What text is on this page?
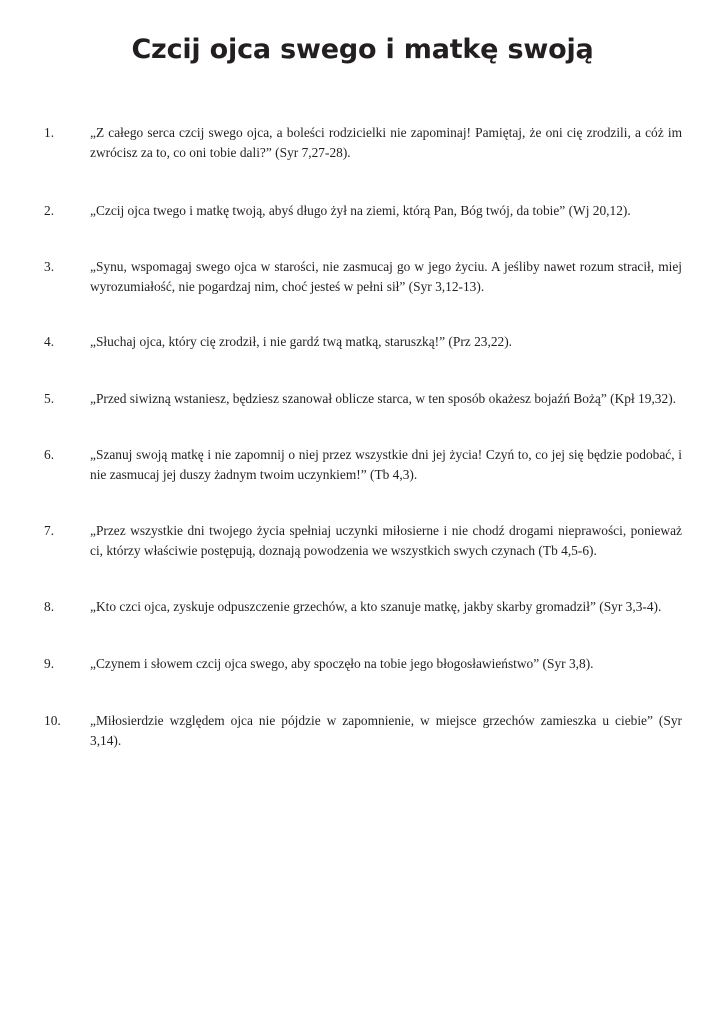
Czcij ojca swego i matkę swoją
1.	„Z całego serca czcij swego ojca, a boleści rodzicielki nie zapominaj! Pamiętaj, że oni cię zrodzili, a cóż im zwrócisz za to, co oni tobie dali?” (Syr 7,27-28).
2.	„Czcij ojca twego i matkę twoją, abyś długo żył na ziemi, którą Pan, Bóg twój, da tobie” (Wj 20,12).
3.	„Synu, wspomagaj swego ojca w starości, nie zasmucaj go w jego życiu. A jeśliby nawet rozum stracił, miej wyrozumiałość, nie pogardzaj nim, choć jesteś w pełni sił” (Syr 3,12-13).
4.	„Słuchaj ojca, który cię zrodził, i nie gardź twą matką, staruszką!” (Prz 23,22).
5.	„Przed siwizną wstaniesz, będziesz szanował oblicze starca, w ten sposób okażesz bojaźń Bożą” (Kpł 19,32).
6.	„Szanuj swoją matkę i nie zapomnij o niej przez wszystkie dni jej życia! Czyń to, co jej się będzie podobać, i nie zasmucaj jej duszy żadnym twoim uczynkiem!” (Tb 4,3).
7.	„Przez wszystkie dni twojego życia spełniaj uczynki miłosierne i nie chodź drogami nieprawości, ponieważ ci, którzy właściwie postępują, doznają powodzenia we wszystkich swych czynach (Tb 4,5-6).
8.	„Kto czci ojca, zyskuje odpuszczenie grzechów, a kto szanuje matkę, jakby skarby gromadził” (Syr 3,3-4).
9.	„Czynem i słowem czcij ojca swego, aby spoczęło na tobie jego błogosławieństwo” (Syr 3,8).
10. „Miłosierdzie względem ojca nie pójdzie w zapomnienie, w miejsce grzechów zamieszka u ciebie” (Syr 3,14).
